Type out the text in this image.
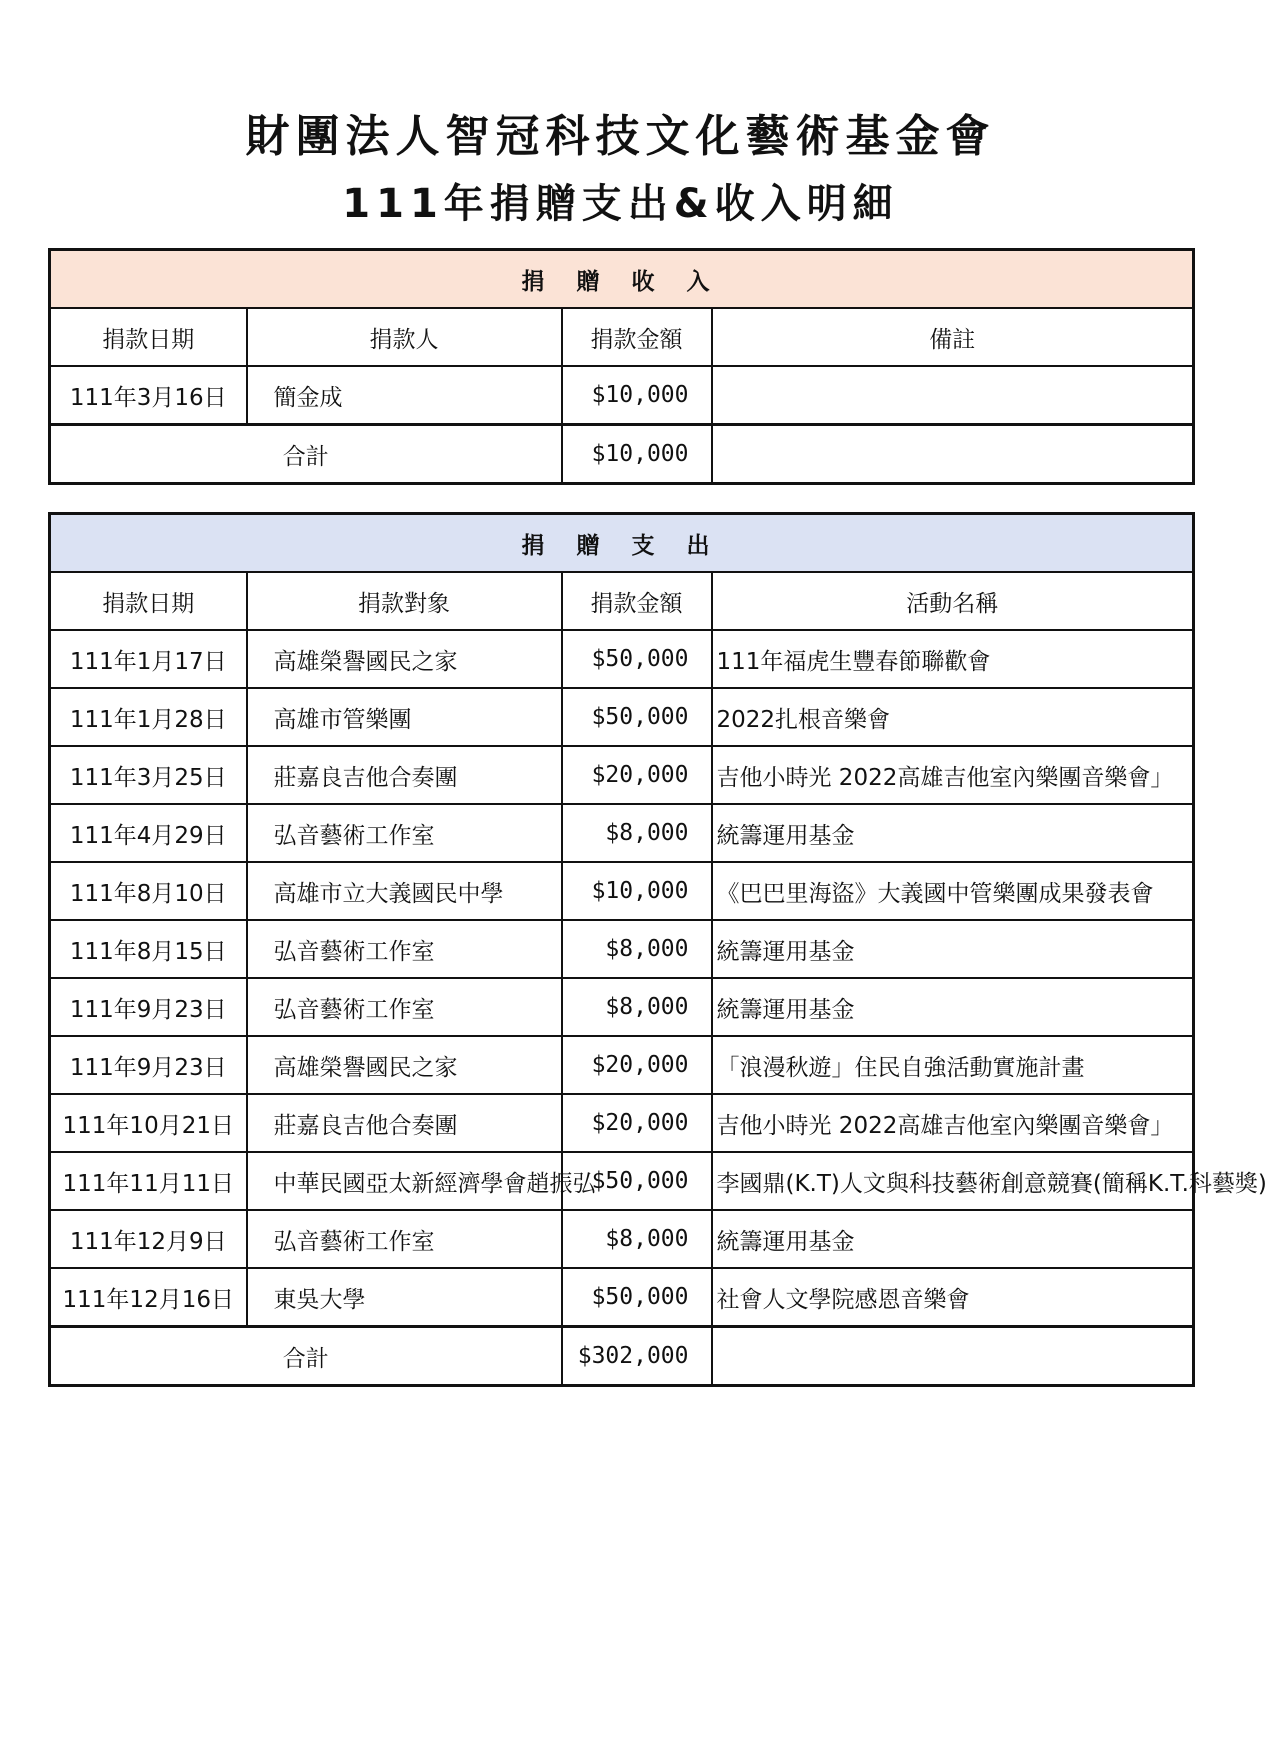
財團法人智冠科技文化藝術基金會
111年捐贈支出&收入明細
捐 贈 收 入			
捐款日期	捐款人	捐款金額	備註
111年3月16日	簡金成	$10,000	
合計		$10,000	
捐 贈 支 出			
捐款日期	捐款對象	捐款金額	活動名稱
111年1月17日	高雄榮譽國民之家	$50,000	111年福虎生豐春節聯歡會
111年1月28日	高雄市管樂團	$50,000	2022扎根音樂會
111年3月25日	莊嘉良吉他合奏團	$20,000	吉他小時光 2022高雄吉他室內樂團音樂會」
111年4月29日	弘音藝術工作室	$8,000	統籌運用基金
111年8月10日	高雄市立大義國民中學	$10,000	《巴巴里海盜》大義國中管樂團成果發表會
111年8月15日	弘音藝術工作室	$8,000	統籌運用基金
111年9月23日	弘音藝術工作室	$8,000	統籌運用基金
111年9月23日	高雄榮譽國民之家	$20,000	「浪漫秋遊」住民自強活動實施計畫
111年10月21日	莊嘉良吉他合奏團	$20,000	吉他小時光 2022高雄吉他室內樂團音樂會」
111年11月11日	中華民國亞太新經濟學會趙振弘	$50,000	李國鼎(K.T)人文與科技藝術創意競賽(簡稱K.T.科藝獎)
111年12月9日	弘音藝術工作室	$8,000	統籌運用基金
111年12月16日	東吳大學	$50,000	社會人文學院感恩音樂會
合計		$302,000	
